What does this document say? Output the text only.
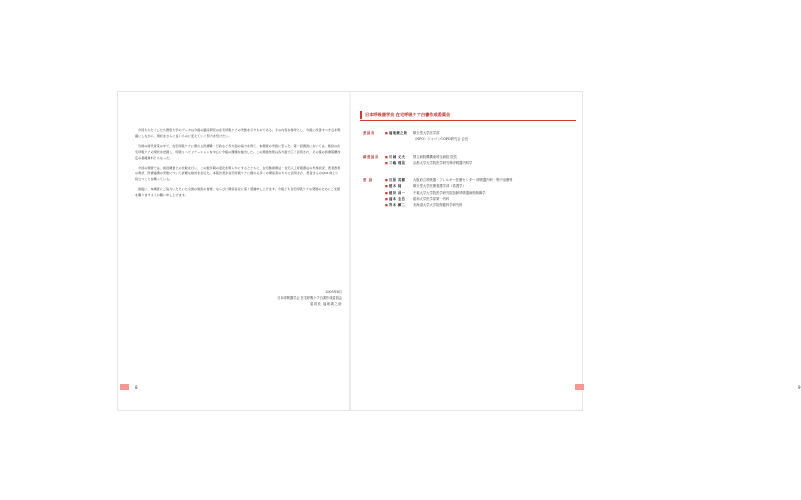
今回もわたくしたち群馬大学のデータは今後の臨床研究の在宅呼吸ケアの実態を示すものである。その内容を参考とし、今後に改善すべき点を明確にしながら、現状をさらに良いものに変えていく努力を続けたい。

当時の時代背景の中で、在宅呼吸ケアに関わる医療職・行政など多方面の協力を得て、本調査の実施に至った。第一回調査においては、施設の在宅呼吸ケアの現状を把握し、呼吸リハビリテーションを中心に今後の課題を抽出した。この調査結果は各方面で広く活用され、その後の診療報酬改定の基礎資料ともなった。

今回の調査では、前回調査との比較を行い、この数年間の変化を明らかにするとともに、在宅酸素療法・在宅人工呼吸療法の実施状況、患者教育の現状、医療連携の実態について詳細な検討を加えた。本報告書が在宅呼吸ケアに携わる多くの関係者の方々に活用され、患者さんのQOL向上に役立つことを願っている。

最後に、本調査にご協力いただいた全国の施設の皆様、ならびに関係各位に深く感謝申し上げます。今後とも在宅呼吸ケアの発展のためにご支援を賜りますようお願い申し上げます。

2005年6月
日本呼吸器学会 在宅呼吸ケア白書作成委員会
委員長 福地義之助
8
日本呼吸器学会 在宅呼吸ケア白書作成委員会
委員長	■ 福地義之助	順天堂大学医学部
（NPO）ジャパンCOPD研究会 会長
副委員長	■ 川城 丈夫	国立病院機構東埼玉病院 院長
■ 三嶋 理晃	京都大学大学院医学研究科呼吸器内科学
委 員	■ 石原 英樹	大阪府立呼吸器・アレルギー医療センター 呼吸器内科・集中治療科
■ 植木 純	順天堂大学医療看護学部（看護学）
■ 植田 昌一	千葉大学大学院医学研究院加齢呼吸器病態制御学
■ 福本 圭吾	昭和大学医学部第一内科
■ 宮本 顕二	北海道大学大学院保健科学研究科
9
